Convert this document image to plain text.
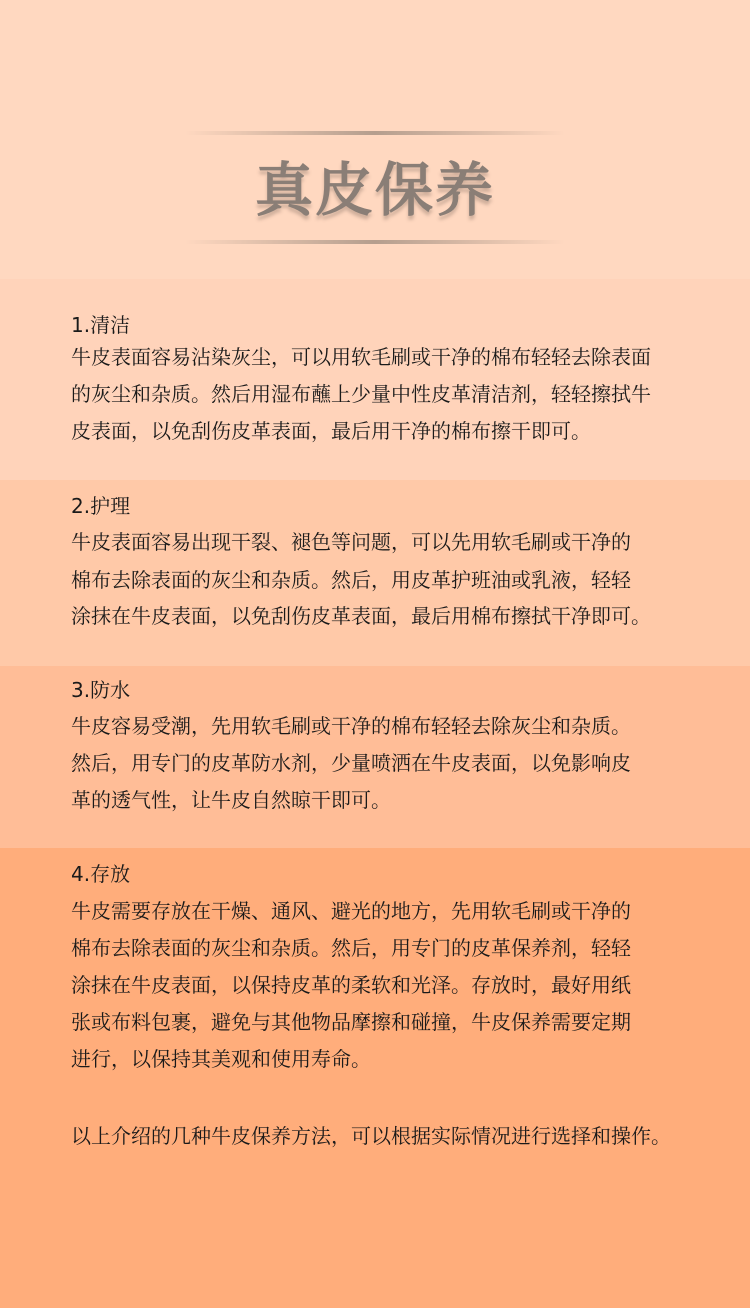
真皮保养
1.清洁
牛皮表面容易沾染灰尘，可以用软毛刷或干净的棉布轻轻去除表面
的灰尘和杂质。然后用湿布蘸上少量中性皮革清洁剂，轻轻擦拭牛
皮表面，以免刮伤皮革表面，最后用干净的棉布擦干即可。
2.护理
牛皮表面容易出现干裂、褪色等问题，可以先用软毛刷或干净的
棉布去除表面的灰尘和杂质。然后，用皮革护班油或乳液，轻轻
涂抹在牛皮表面，以免刮伤皮革表面，最后用棉布擦拭干净即可。
3.防水
牛皮容易受潮，先用软毛刷或干净的棉布轻轻去除灰尘和杂质。
然后，用专门的皮革防水剂，少量喷洒在牛皮表面，以免影响皮
革的透气性，让牛皮自然晾干即可。
4.存放
牛皮需要存放在干燥、通风、避光的地方，先用软毛刷或干净的
棉布去除表面的灰尘和杂质。然后，用专门的皮革保养剂，轻轻
涂抹在牛皮表面，以保持皮革的柔软和光泽。存放时，最好用纸
张或布料包裹，避免与其他物品摩擦和碰撞，牛皮保养需要定期
进行，以保持其美观和使用寿命。
以上介绍的几种牛皮保养方法，可以根据实际情况进行选择和操作。
